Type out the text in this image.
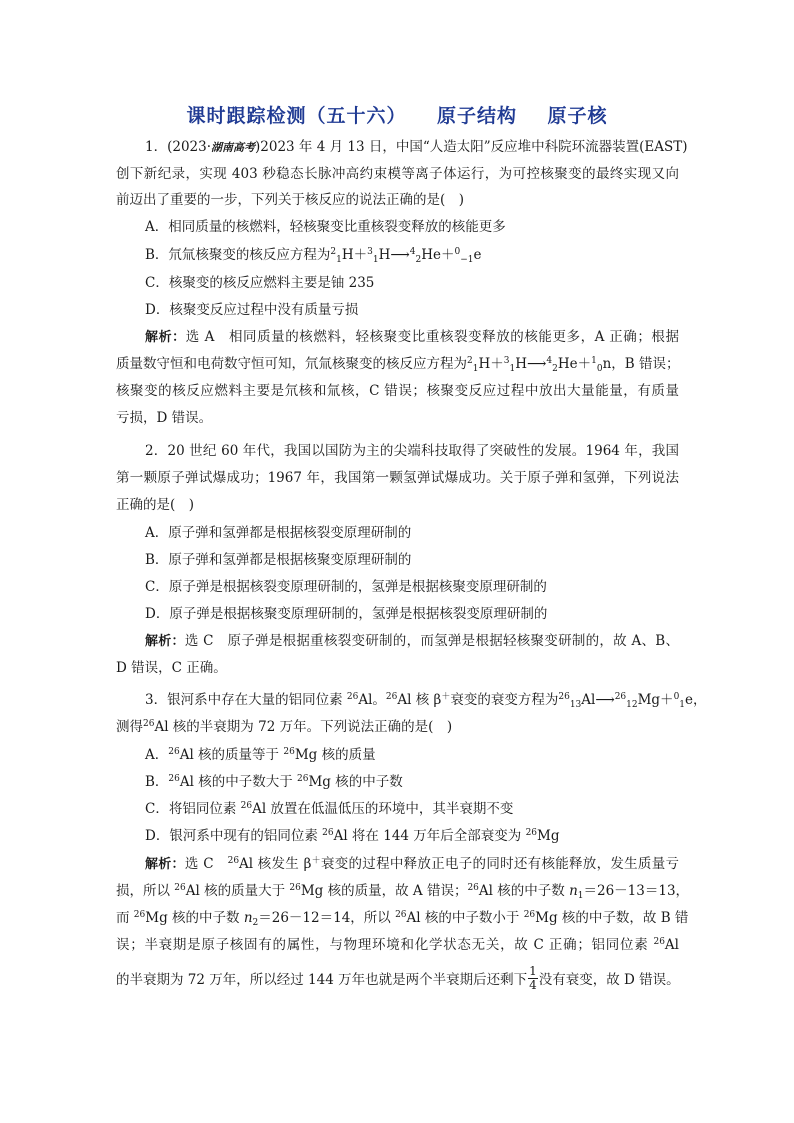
课时跟踪检测（五十六）    原子结构    原子核
1．(2023·湖南高考)2023 年 4 月 13 日，中国“人造太阳”反应堆中科院环流器装置(EAST)
创下新纪录，实现 403 秒稳态长脉冲高约束模等离子体运行，为可控核聚变的最终实现又向
前迈出了重要的一步，下列关于核反应的说法正确的是(　)
A．相同质量的核燃料，轻核聚变比重核裂变释放的核能更多
B．氘氚核聚变的核反应方程为$^2_1$H＋$^3_1$H⟶$^4_2$He＋$^0_{-1}$e
C．核聚变的核反应燃料主要是铀 235
D．核聚变反应过程中没有质量亏损
解析：选 A　相同质量的核燃料，轻核聚变比重核裂变释放的核能更多，A 正确；根据
质量数守恒和电荷数守恒可知，氘氚核聚变的核反应方程为$^2_1$H＋$^3_1$H⟶$^4_2$He＋$^1_0$n，B 错误；
核聚变的核反应燃料主要是氘核和氚核，C 错误；核聚变反应过程中放出大量能量，有质量
亏损，D 错误。
2．20 世纪 60 年代，我国以国防为主的尖端科技取得了突破性的发展。1964 年，我国
第一颗原子弹试爆成功；1967 年，我国第一颗氢弹试爆成功。关于原子弹和氢弹，下列说法
正确的是(　)
A．原子弹和氢弹都是根据核裂变原理研制的
B．原子弹和氢弹都是根据核聚变原理研制的
C．原子弹是根据核裂变原理研制的，氢弹是根据核聚变原理研制的
D．原子弹是根据核聚变原理研制的，氢弹是根据核裂变原理研制的
解析：选 C　原子弹是根据重核裂变研制的，而氢弹是根据轻核聚变研制的，故 A、B、
D 错误，C 正确。
3．银河系中存在大量的铝同位素 $^{26}$Al。$^{26}$Al 核 β＋衰变的衰变方程为$^{26}_{13}$Al⟶$^{26}_{12}$Mg＋$^0_1$e，
测得$^{26}$Al 核的半衰期为 72 万年。下列说法正确的是(　)
A．$^{26}$Al 核的质量等于 $^{26}$Mg 核的质量
B．$^{26}$Al 核的中子数大于 $^{26}$Mg 核的中子数
C．将铝同位素 $^{26}$Al 放置在低温低压的环境中，其半衰期不变
D．银河系中现有的铝同位素 $^{26}$Al 将在 144 万年后全部衰变为 $^{26}$Mg
解析：选 C　$^{26}$Al 核发生 β＋衰变的过程中释放正电子的同时还有核能释放，发生质量亏
损，所以 $^{26}$Al 核的质量大于 $^{26}$Mg 核的质量，故 A 错误；$^{26}$Al 核的中子数 $n_1=26-13=13$，
而 $^{26}$Mg 核的中子数 $n_2=26-12=14$，所以 $^{26}$Al 核的中子数小于 $^{26}$Mg 核的中子数，故 B 错
误；半衰期是原子核固有的属性，与物理环境和化学状态无关，故 C 正确；铝同位素 $^{26}$Al
的半衰期为 72 万年，所以经过 144 万年也就是两个半衰期后还剩下 $\frac{1}{4}$ 没有衰变，故 D 错误。
